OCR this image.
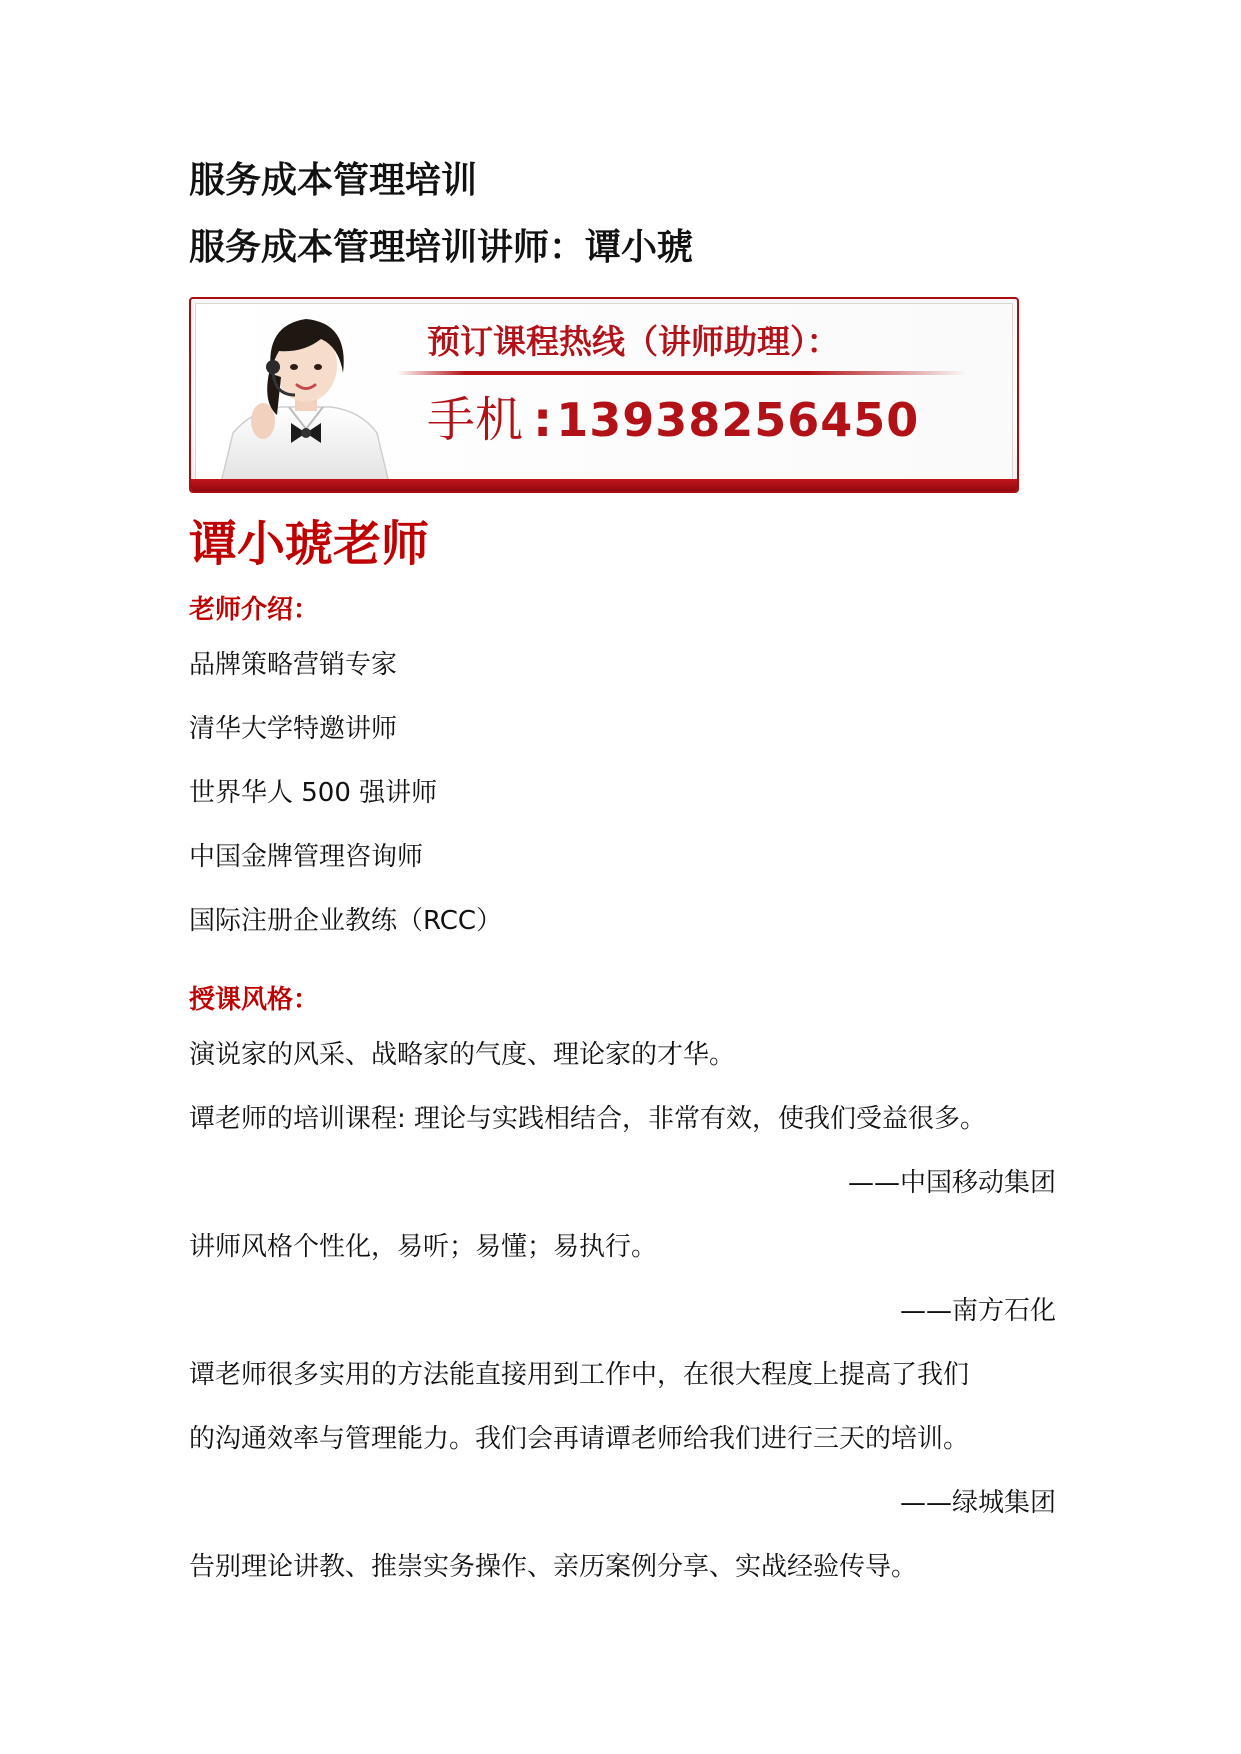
服务成本管理培训
服务成本管理培训讲师：谭小琥
预订课程热线（讲师助理）：
手机 :13938256450
谭小琥老师
老师介绍：

品牌策略营销专家

清华大学特邀讲师

世界华人 500 强讲师

中国金牌管理咨询师

国际注册企业教练（RCC）

授课风格：

演说家的风采、战略家的气度、理论家的才华。

谭老师的培训课程: 理论与实践相结合，非常有效，使我们受益很多。

——中国移动集团

讲师风格个性化，易听；易懂；易执行。

——南方石化

谭老师很多实用的方法能直接用到工作中，在很大程度上提高了我们

的沟通效率与管理能力。我们会再请谭老师给我们进行三天的培训。

——绿城集团

告别理论讲教、推崇实务操作、亲历案例分享、实战经验传导。
